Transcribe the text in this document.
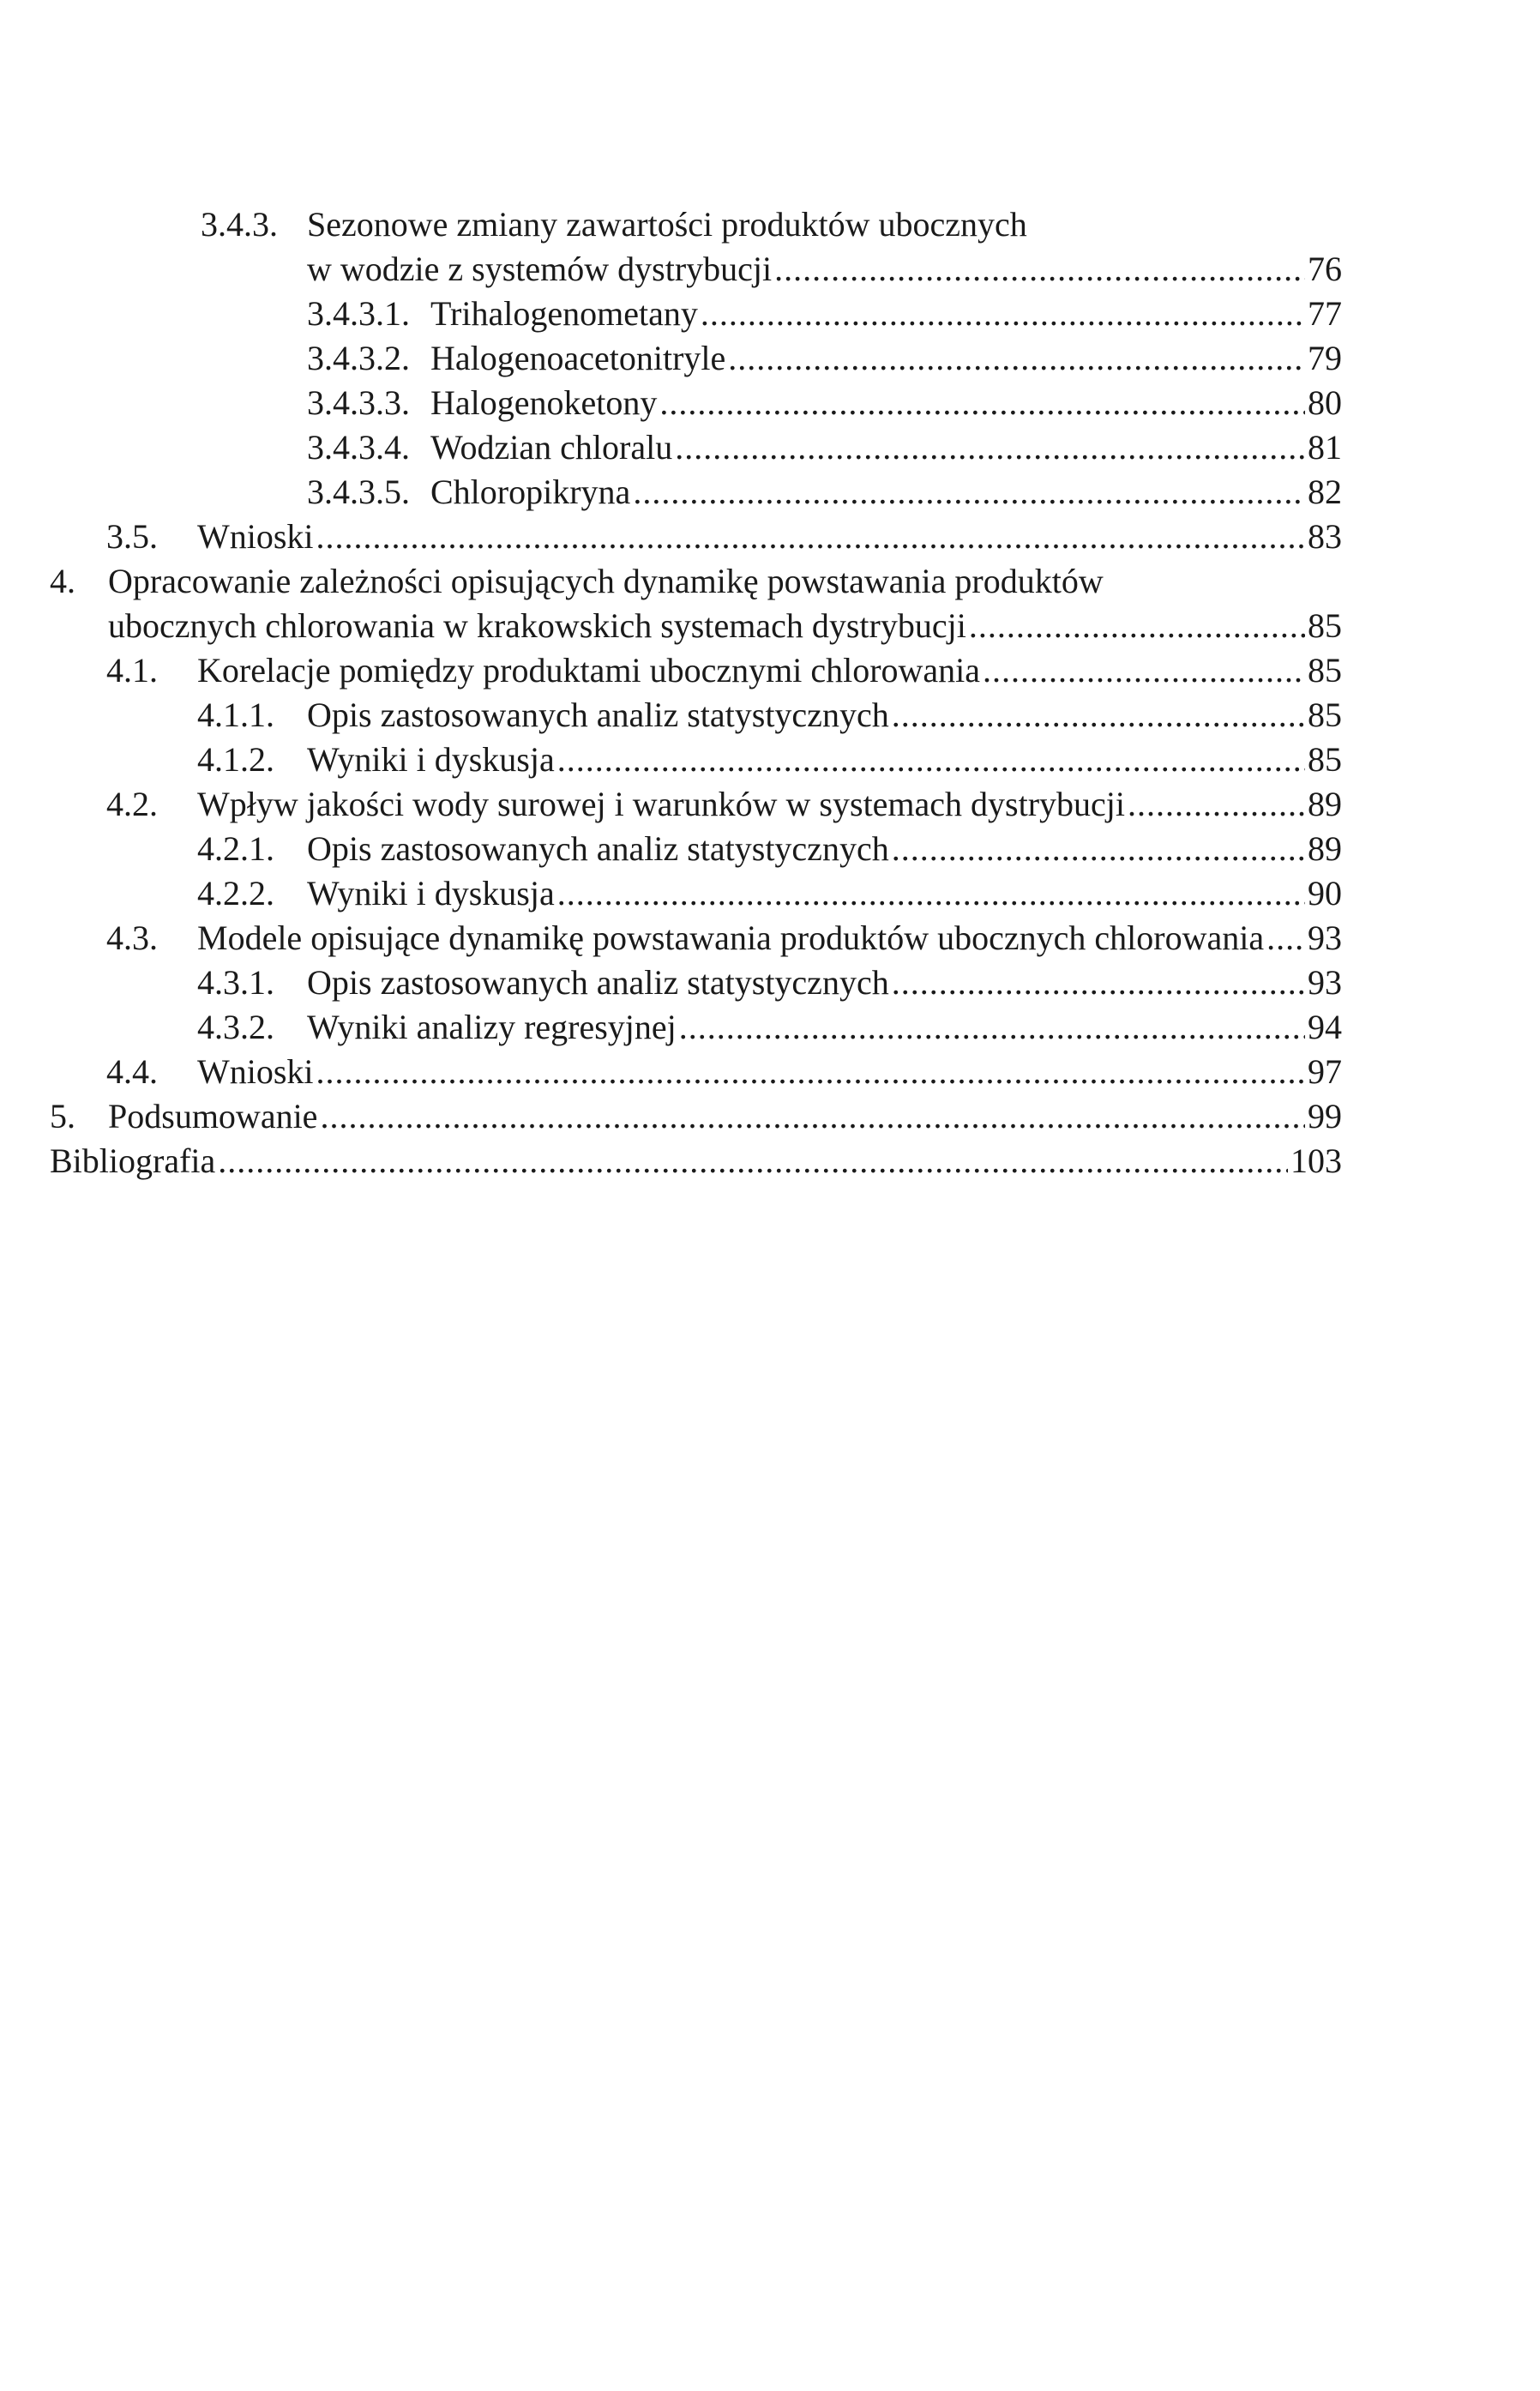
3.4.3. Sezonowe zmiany zawartości produktów ubocznych
w wodzie z systemów dystrybucji .....	76
3.4.3.1. Trihalogenometany .....	77
3.4.3.2. Halogenoacetonitryle .....	79
3.4.3.3. Halogenoketony .....	80
3.4.3.4. Wodzian chloralu .....	81
3.4.3.5. Chloropikryna .....	82
3.5. Wnioski .....	83
4. Opracowanie zależności opisujących dynamikę powstawania produktów
ubocznych chlorowania w krakowskich systemach dystrybucji .....	85
4.1. Korelacje pomiędzy produktami ubocznymi chlorowania .....	85
4.1.1. Opis zastosowanych analiz statystycznych .....	85
4.1.2. Wyniki i dyskusja .....	85
4.2. Wpływ jakości wody surowej i warunków w systemach dystrybucji .....	89
4.2.1. Opis zastosowanych analiz statystycznych .....	89
4.2.2. Wyniki i dyskusja .....	90
4.3. Modele opisujące dynamikę powstawania produktów ubocznych chlorowania ..... 93
4.3.1. Opis zastosowanych analiz statystycznych .....	93
4.3.2. Wyniki analizy regresyjnej .....	94
4.4. Wnioski .....	97
5. Podsumowanie .....	99
Bibliografia .....	103
